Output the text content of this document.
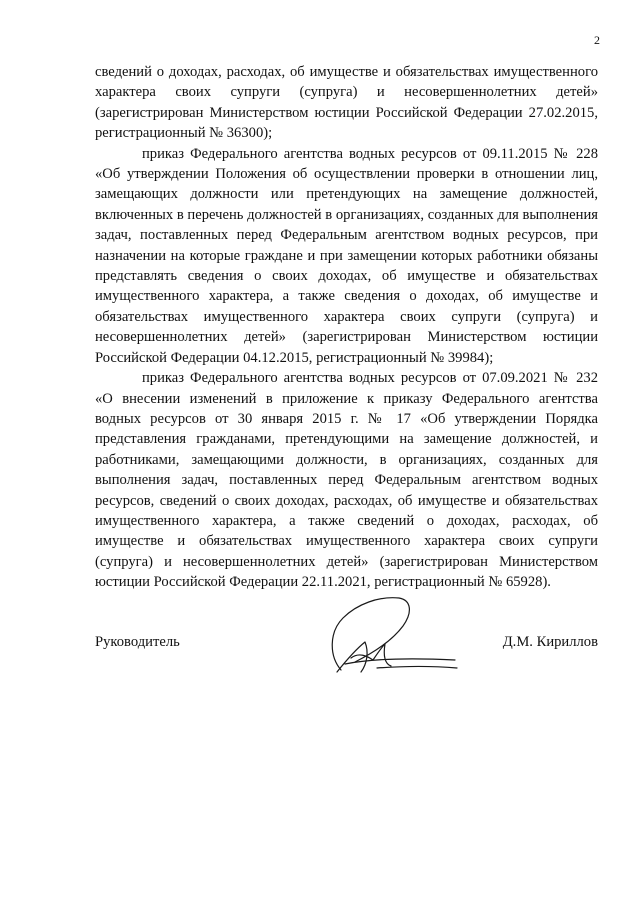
2

сведений о доходах, расходах, об имуществе и обязательствах имущественного характера своих супруги (супруга) и несовершеннолетних детей» (зарегистрирован Министерством юстиции Российской Федерации 27.02.2015, регистрационный № 36300);

приказ Федерального агентства водных ресурсов от 09.11.2015 № 228 «Об утверждении Положения об осуществлении проверки в отношении лиц, замещающих должности или претендующих на замещение должностей, включенных в перечень должностей в организациях, созданных для выполнения задач, поставленных перед Федеральным агентством водных ресурсов, при назначении на которые граждане и при замещении которых работники обязаны представлять сведения о своих доходах, об имуществе и обязательствах имущественного характера, а также сведения о доходах, об имуществе и обязательствах имущественного характера своих супруги (супруга) и несовершеннолетних детей» (зарегистрирован Министерством юстиции Российской Федерации 04.12.2015, регистрационный № 39984);

приказ Федерального агентства водных ресурсов от 07.09.2021 № 232 «О внесении изменений в приложение к приказу Федерального агентства водных ресурсов от 30 января 2015 г. № 17 «Об утверждении Порядка представления гражданами, претендующими на замещение должностей, и работниками, замещающими должности, в организациях, созданных для выполнения задач, поставленных перед Федеральным агентством водных ресурсов, сведений о своих доходах, расходах, об имуществе и обязательствах имущественного характера, а также сведений о доходах, расходах, об имуществе и обязательствах имущественного характера своих супруги (супруга) и несовершеннолетних детей» (зарегистрирован Министерством юстиции Российской Федерации 22.11.2021, регистрационный № 65928).

Руководитель	Д.М. Кириллов
